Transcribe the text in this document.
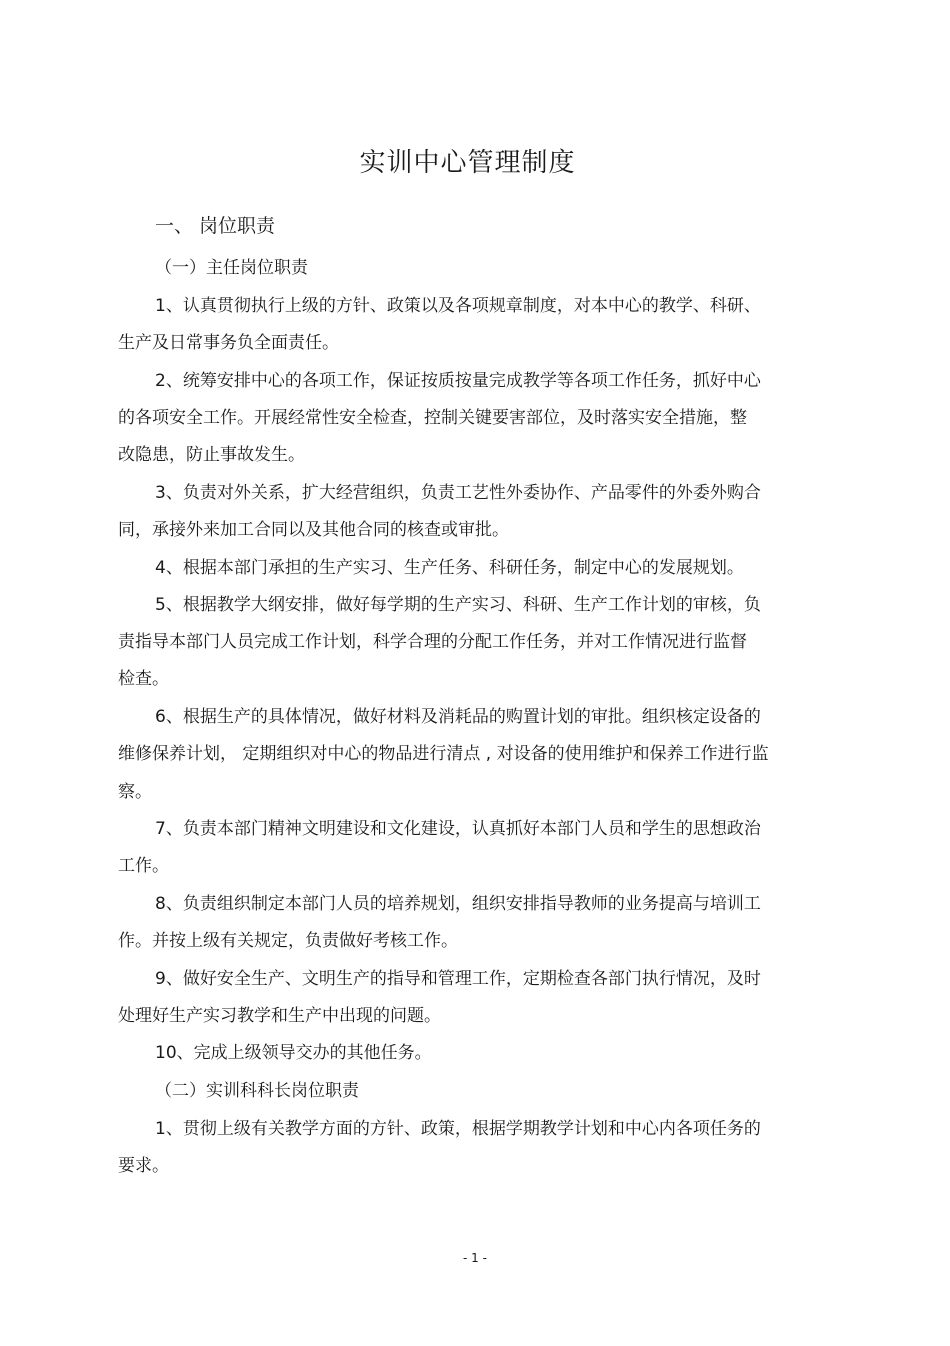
实训中心管理制度

一、 岗位职责

（一）主任岗位职责

1、认真贯彻执行上级的方针、政策以及各项规章制度，对本中心的教学、科研、

生产及日常事务负全面责任。

2、统筹安排中心的各项工作，保证按质按量完成教学等各项工作任务，抓好中心

的各项安全工作。开展经常性安全检查，控制关键要害部位，及时落实安全措施，整

改隐患，防止事故发生。

3、负责对外关系，扩大经营组织，负责工艺性外委协作、产品零件的外委外购合

同，承接外来加工合同以及其他合同的核查或审批。

4、根据本部门承担的生产实习、生产任务、科研任务，制定中心的发展规划。

5、根据教学大纲安排，做好每学期的生产实习、科研、生产工作计划的审核，负

责指导本部门人员完成工作计划，科学合理的分配工作任务，并对工作情况进行监督

检查。

6、根据生产的具体情况，做好材料及消耗品的购置计划的审批。组织核定设备的

维修保养计划， 定期组织对中心的物品进行清点 , 对设备的使用维护和保养工作进行监

察。

7、负责本部门精神文明建设和文化建设，认真抓好本部门人员和学生的思想政治

工作。

8、负责组织制定本部门人员的培养规划，组织安排指导教师的业务提高与培训工

作。并按上级有关规定，负责做好考核工作。

9、做好安全生产、文明生产的指导和管理工作，定期检查各部门执行情况，及时

处理好生产实习教学和生产中出现的问题。

10、完成上级领导交办的其他任务。

（二）实训科科长岗位职责

1、贯彻上级有关教学方面的方针、政策，根据学期教学计划和中心内各项任务的

要求。

- 1 -
